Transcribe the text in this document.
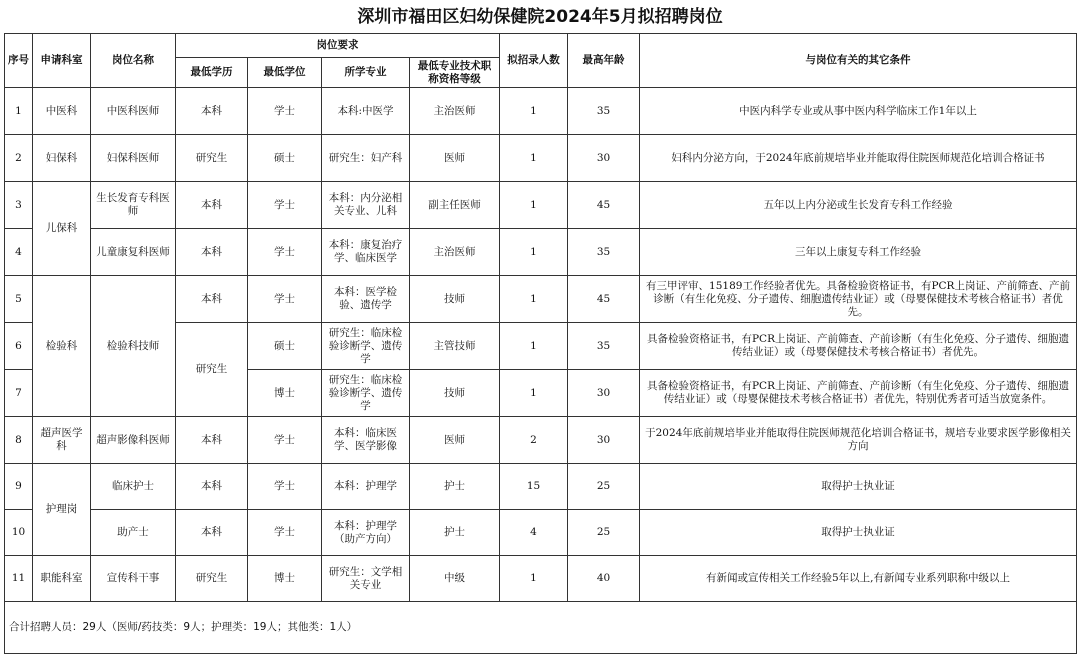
深圳市福田区妇幼保健院2024年5月拟招聘岗位
序号	申请科室	岗位名称	岗位要求				拟招录人数	最高年龄	与岗位有关的其它条件
			最低学历	最低学位	所学专业	最低专业技术职称资格等级			
1	中医科	中医科医师	本科	学士	本科:中医学	主治医师	1	35	中医内科学专业或从事中医内科学临床工作1年以上
2	妇保科	妇保科医师	研究生	硕士	研究生：妇产科	医师	1	30	妇科内分泌方向，于2024年底前规培毕业并能取得住院医师规范化培训合格证书
3	儿保科	生长发育专科医师	本科	学士	本科：内分泌相关专业、儿科	副主任医师	1	45	五年以上内分泌或生长发育专科工作经验
4		儿童康复科医师	本科	学士	本科：康复治疗学、临床医学	主治医师	1	35	三年以上康复专科工作经验
5	检验科	检验科技师	本科	学士	本科：医学检验、遗传学	技师	1	45	有三甲评审、15189工作经验者优先。具备检验资格证书，有PCR上岗证、产前筛查、产前诊断（有生化免疫、分子遗传、细胞遗传结业证）或（母婴保健技术考核合格证书）者优先。
6			研究生	硕士	研究生：临床检验诊断学、遗传学	主管技师	1	35	具备检验资格证书，有PCR上岗证、产前筛查、产前诊断（有生化免疫、分子遗传、细胞遗传结业证）或（母婴保健技术考核合格证书）者优先。
7				博士	研究生：临床检验诊断学、遗传学	技师	1	30	具备检验资格证书，有PCR上岗证、产前筛查、产前诊断（有生化免疫、分子遗传、细胞遗传结业证）或（母婴保健技术考核合格证书）者优先，特别优秀者可适当放宽条件。
8	超声医学科	超声影像科医师	本科	学士	本科：临床医学、医学影像	医师	2	30	于2024年底前规培毕业并能取得住院医师规范化培训合格证书，规培专业要求医学影像相关方向
9	护理岗	临床护士	本科	学士	本科：护理学	护士	15	25	取得护士执业证
10		助产士	本科	学士	本科：护理学（助产方向）	护士	4	25	取得护士执业证
11	职能科室	宣传科干事	研究生	博士	研究生：文学相关专业	中级	1	40	有新闻或宣传相关工作经验5年以上,有新闻专业系列职称中级以上
合计招聘人员：29人（医师/药技类：9人；护理类：19人；其他类：1人）									
